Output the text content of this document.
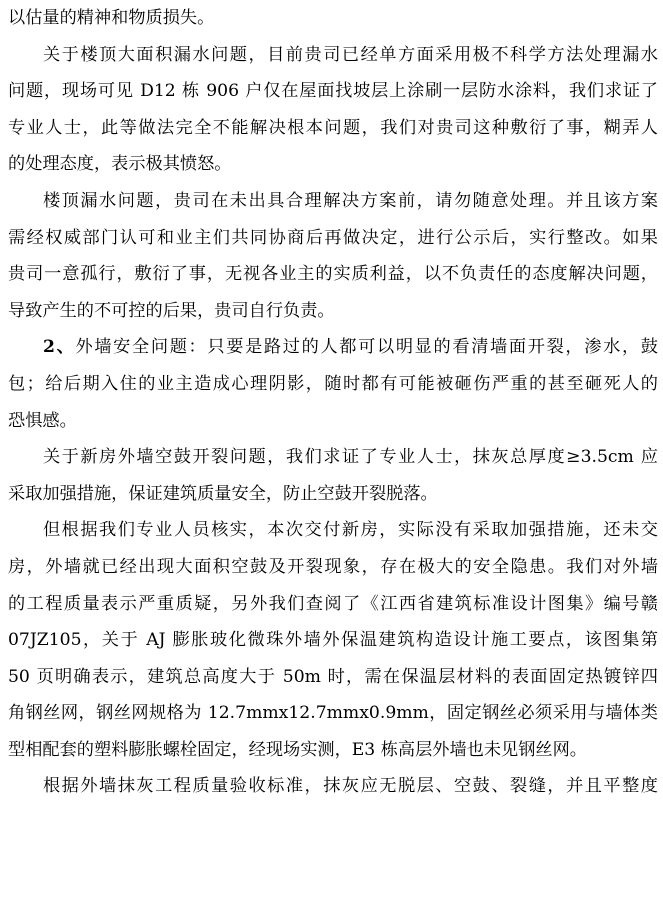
以估量的精神和物质损失。
关于楼顶大面积漏水问题，目前贵司已经单方面采用极不科学方法处理漏水
问题，现场可见 D12 栋 906 户仅在屋面找坡层上涂刷一层防水涂料，我们求证了
专业人士，此等做法完全不能解决根本问题，我们对贵司这种敷衍了事，糊弄人
的处理态度，表示极其愤怒。
楼顶漏水问题，贵司在未出具合理解决方案前，请勿随意处理。并且该方案
需经权威部门认可和业主们共同协商后再做决定，进行公示后，实行整改。如果
贵司一意孤行，敷衍了事，无视各业主的实质利益，以不负责任的态度解决问题，
导致产生的不可控的后果，贵司自行负责。
2、外墙安全问题：只要是路过的人都可以明显的看清墙面开裂，渗水，鼓
包；给后期入住的业主造成心理阴影，随时都有可能被砸伤严重的甚至砸死人的
恐惧感。
关于新房外墙空鼓开裂问题，我们求证了专业人士，抹灰总厚度≥3.5cm 应
采取加强措施，保证建筑质量安全，防止空鼓开裂脱落。
但根据我们专业人员核实，本次交付新房，实际没有采取加强措施，还未交
房，外墙就已经出现大面积空鼓及开裂现象，存在极大的安全隐患。我们对外墙
的工程质量表示严重质疑，另外我们查阅了《江西省建筑标准设计图集》编号赣
07JZ105，关于 AJ 膨胀玻化微珠外墙外保温建筑构造设计施工要点，该图集第
50 页明确表示，建筑总高度大于 50m 时，需在保温层材料的表面固定热镀锌四
角钢丝网，钢丝网规格为 12.7mmx12.7mmx0.9mm，固定钢丝必须采用与墙体类
型相配套的塑料膨胀螺栓固定，经现场实测，E3 栋高层外墙也未见钢丝网。
根据外墙抹灰工程质量验收标准，抹灰应无脱层、空鼓、裂缝，并且平整度
